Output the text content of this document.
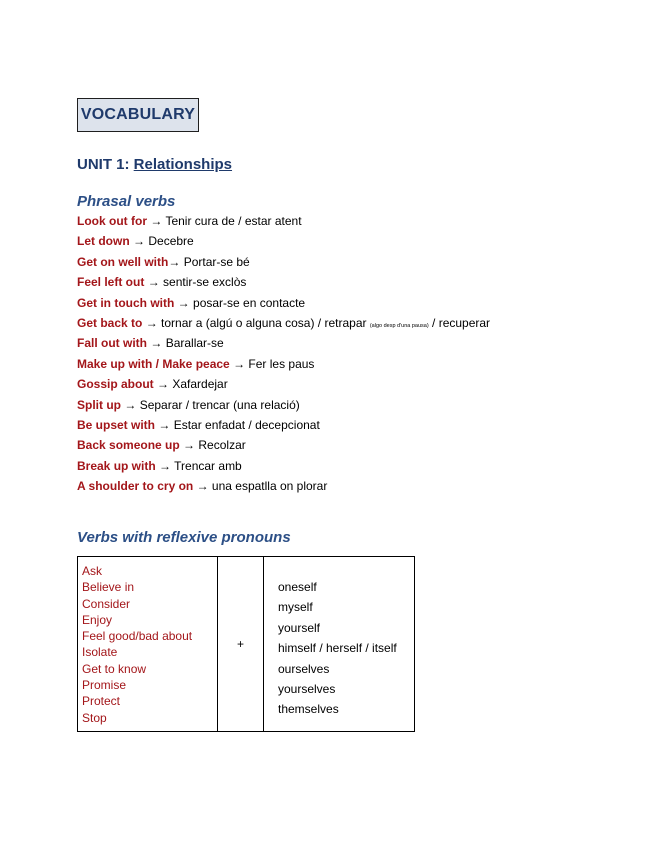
VOCABULARY
UNIT 1: Relationships
Phrasal verbs
Look out for → Tenir cura de / estar atent
Let down → Decebre
Get on well with→ Portar-se bé
Feel left out → sentir-se exclòs
Get in touch with → posar-se en contacte
Get back to → tornar a (algú o alguna cosa) / retrapar (algo desp d'una pausa) / recuperar
Fall out with → Barallar-se
Make up with / Make peace → Fer les paus
Gossip about → Xafardejar
Split up → Separar / trencar (una relació)
Be upset with → Estar enfadat / decepcionat
Back someone up → Recolzar
Break up with → Trencar amb
A shoulder to cry on → una espatlla on plorar
Verbs with reflexive pronouns
Ask
Believe in
Consider
Enjoy
Feel good/bad about
Isolate
Get to know
Promise
Protect
Stop
+
oneself
myself
yourself
himself / herself / itself
ourselves
yourselves
themselves
